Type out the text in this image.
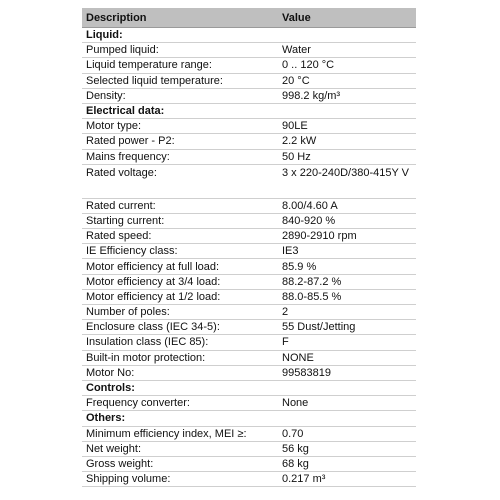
Description	Value
Liquid:
Pumped liquid:	Water
Liquid temperature range:	0 .. 120 °C
Selected liquid temperature:	20 °C
Density:	998.2 kg/m³
Electrical data:
Motor type:	90LE
Rated power - P2:	2.2 kW
Mains frequency:	50 Hz
Rated voltage:	3 x 220-240D/380-415Y V
Rated current:	8.00/4.60 A
Starting current:	840-920 %
Rated speed:	2890-2910 rpm
IE Efficiency class:	IE3
Motor efficiency at full load:	85.9 %
Motor efficiency at 3/4 load:	88.2-87.2 %
Motor efficiency at 1/2 load:	88.0-85.5 %
Number of poles:	2
Enclosure class (IEC 34-5):	55 Dust/Jetting
Insulation class (IEC 85):	F
Built-in motor protection:	NONE
Motor No:	99583819
Controls:
Frequency converter:	None
Others:
Minimum efficiency index, MEI ≥:	0.70
Net weight:	56 kg
Gross weight:	68 kg
Shipping volume:	0.217 m³
